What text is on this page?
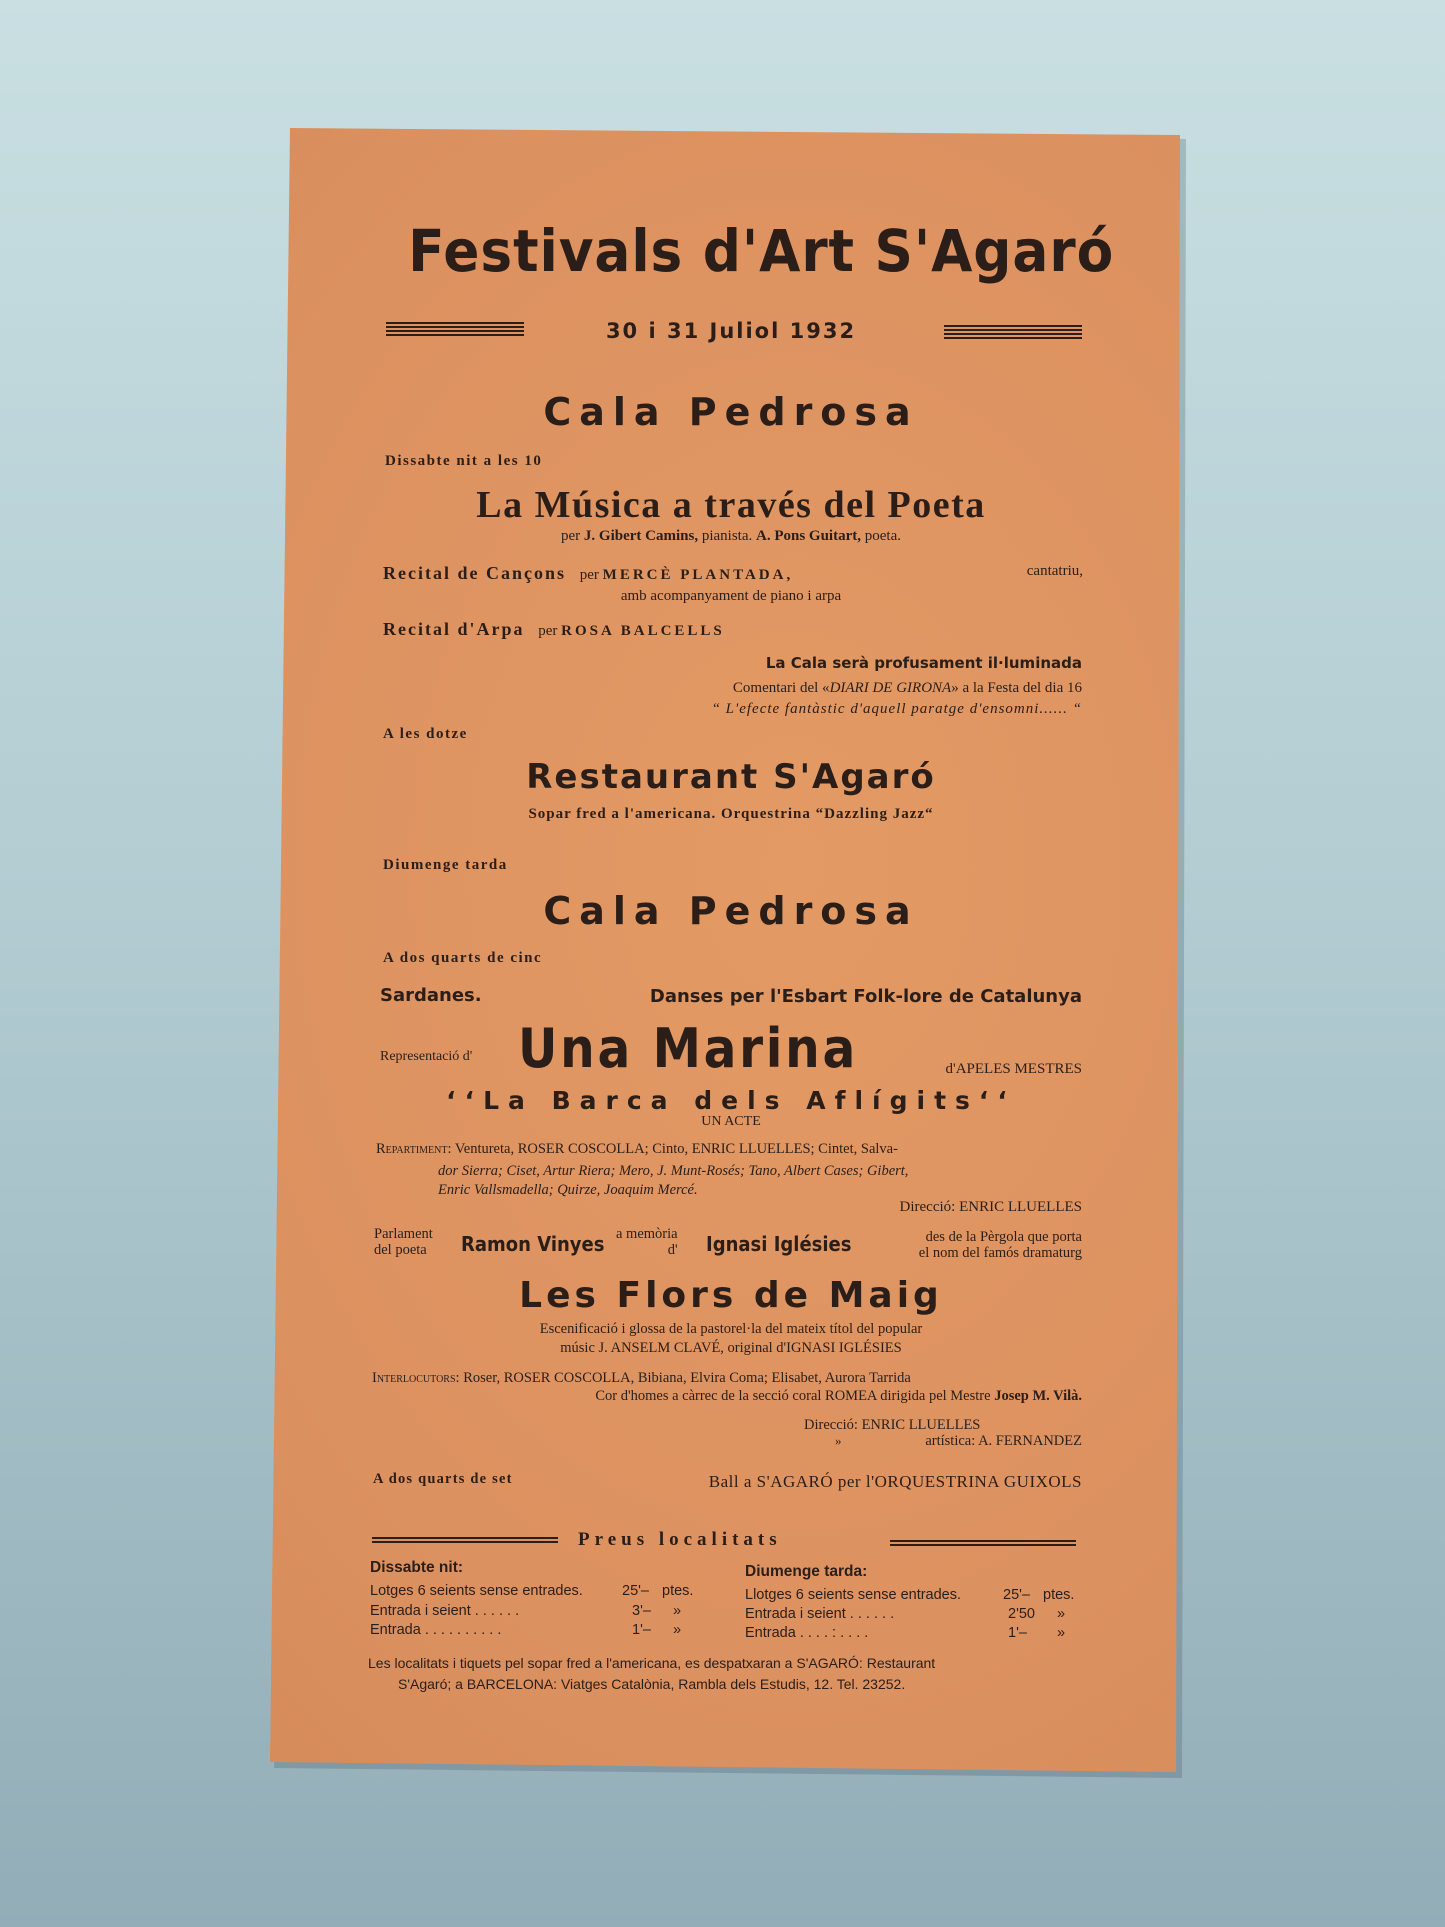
Festivals d'Art S'Agaró
30 i 31 Juliol 1932
Cala Pedrosa
Dissabte nit a les 10
La Música a través del Poeta
per J. Gibert Camins, pianista. A. Pons Guitart, poeta.
Recital de Cançons per MERCÈ PLANTADA,	cantatriu,
amb acompanyament de piano i arpa
Recital d'Arpa per ROSA BALCELLS
La Cala serà profusament il·luminada
Comentari del «DIARI DE GIRONA» a la Festa del dia 16
“ L'efecte fantàstic d'aquell paratge d'ensomni...... “
A les dotze
Restaurant S'Agaró
Sopar fred a l'americana. Orquestrina “Dazzling Jazz“
Diumenge tarda
Cala Pedrosa
A dos quarts de cinc
Sardanes.	Danses per l'Esbart Folk-lore de Catalunya
Representació d' Una Marina	d'APELES MESTRES
‘‘La Barca dels Aflígits‘‘
UN ACTE
Repartiment: Ventureta, ROSER COSCOLLA; Cinto, ENRIC LLUELLES; Cintet, Salva-
dor Sierra; Ciset, Artur Riera; Mero, J. Munt-Rosés; Tano, Albert Cases; Gibert,
Enric Vallsmadella; Quirze, Joaquim Mercé.
Direcció: ENRIC LLUELLES
Parlament
del poeta	Ramon Vinyes a memòria
d' Ignasi Iglésies	des de la Pèrgola que porta
el nom del famós dramaturg
Les Flors de Maig
Escenificació i glossa de la pastorel·la del mateix títol del popular
músic J. ANSELM CLAVÉ, original d'IGNASI IGLÉSIES
Interlocutors: Roser, ROSER COSCOLLA, Bibiana, Elvira Coma; Elisabet, Aurora Tarrida
Cor d'homes a càrrec de la secció coral ROMEA dirigida pel Mestre Josep M. Vilà.
Direcció: ENRIC LLUELLES
»	artística: A. FERNANDEZ
A dos quarts de set	Ball a S'AGARÓ per l'ORQUESTRINA GUIXOLS
Preus localitats
Dissabte nit:
Lotges 6 seients sense entrades.	25'– ptes.
Entrada i seient . . . . . .	3'– »
Entrada . . . . . . . . . .	1'– »
Diumenge tarda:
Llotges 6 seients sense entrades.	25'– ptes.
Entrada i seient . . . . . .	2'50 »
Entrada . . . . : . . . .	1'– »
Les localitats i tiquets pel sopar fred a l'americana, es despatxaran a S'AGARÓ: Restaurant
S'Agaró; a BARCELONA: Viatges Catalònia, Rambla dels Estudis, 12. Tel. 23252.
